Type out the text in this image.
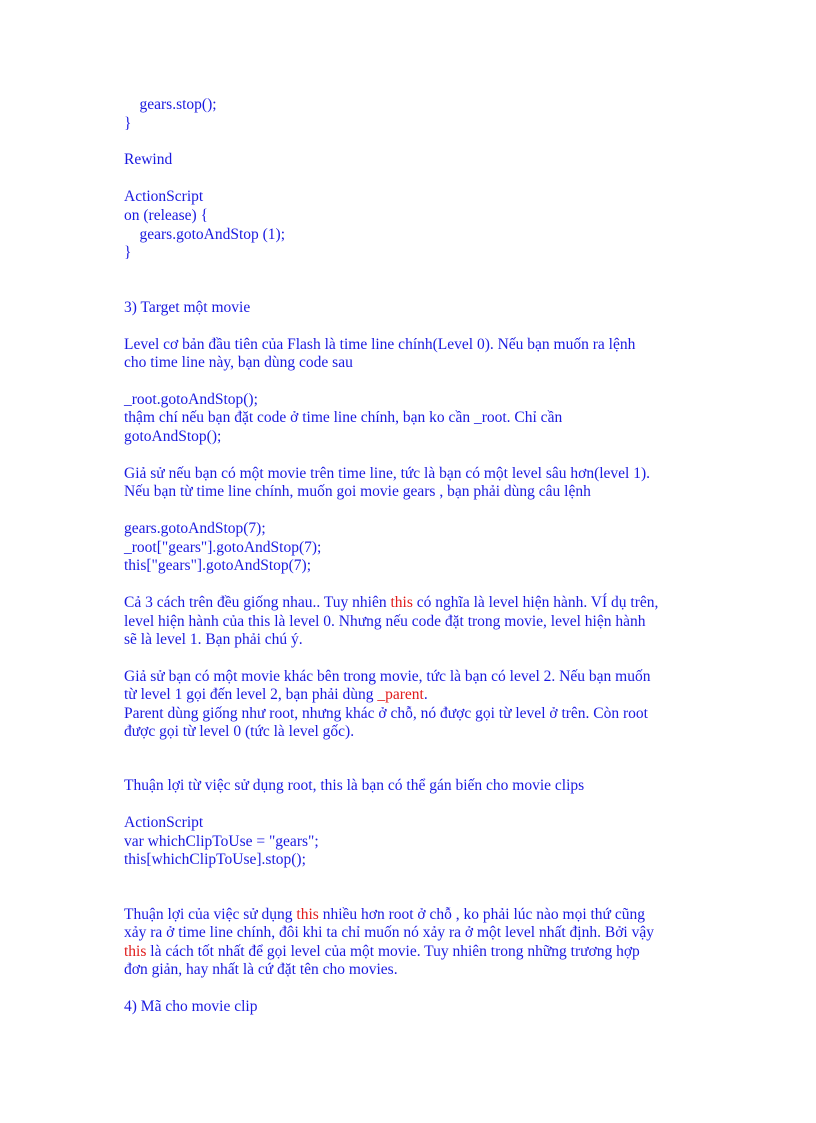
gears.stop();
}
Rewind
ActionScript
on (release) {
gears.gotoAndStop (1);
}
3) Target một movie
Level cơ bản đầu tiên của Flash là time line chính(Level 0). Nếu bạn muốn ra lệnh
cho time line này, bạn dùng code sau
_root.gotoAndStop();
thậm chí nếu bạn đặt code ở time line chính, bạn ko cần _root. Chỉ cần
gotoAndStop();
Giả sử nếu bạn có một movie trên time line, tức là bạn có một level sâu hơn(level 1).
Nếu bạn từ time line chính, muốn goi movie gears , bạn phải dùng câu lệnh
gears.gotoAndStop(7);
_root["gears"].gotoAndStop(7);
this["gears"].gotoAndStop(7);
Cả 3 cách trên đều giống nhau.. Tuy nhiên this có nghĩa là level hiện hành. VÍ dụ trên,
level hiện hành của this là level 0. Nhưng nếu code đặt trong movie, level hiện hành
sẽ là level 1. Bạn phải chú ý.
Giả sử bạn có một movie khác bên trong movie, tức là bạn có level 2. Nếu bạn muốn
từ level 1 gọi đến level 2, bạn phải dùng _parent.
Parent dùng giống như root, nhưng khác ở chỗ, nó được gọi từ level ở trên. Còn root
được gọi từ level 0 (tức là level gốc).
Thuận lợi từ việc sử dụng root, this là bạn có thể gán biến cho movie clips
ActionScript
var whichClipToUse = "gears";
this[whichClipToUse].stop();
Thuận lợi của việc sử dụng this nhiều hơn root ở chỗ , ko phải lúc nào mọi thứ cũng
xảy ra ở time line chính, đôi khi ta chỉ muốn nó xảy ra ở một level nhất định. Bởi vậy
this là cách tốt nhất để gọi level của một movie. Tuy nhiên trong những trương hợp
đơn giản, hay nhất là cứ đặt tên cho movies.
4) Mã cho movie clip
